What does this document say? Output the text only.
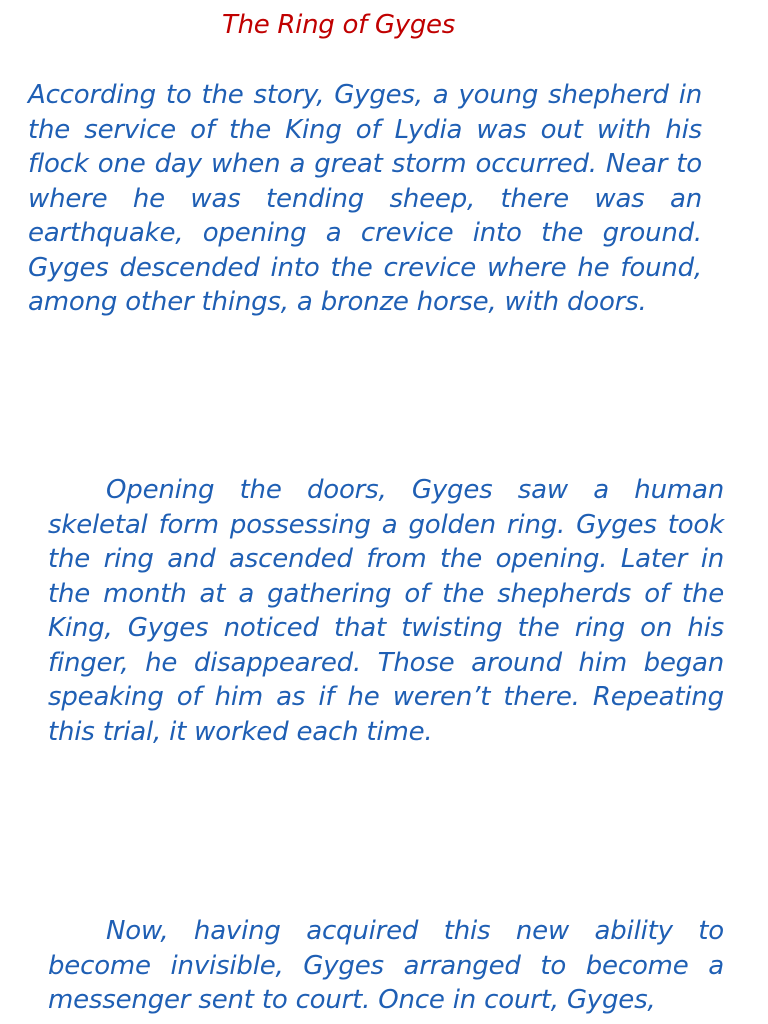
The Ring of Gyges

According to the story, Gyges, a young shepherd in the service of the King of Lydia was out with his flock one day when a great storm occurred. Near to where he was tending sheep, there was an earthquake, opening a crevice into the ground. Gyges descended into the crevice where he found, among other things, a bronze horse, with doors.

Opening the doors, Gyges saw a human skeletal form possessing a golden ring. Gyges took the ring and ascended from the opening. Later in the month at a gathering of the shepherds of the King, Gyges noticed that twisting the ring on his finger, he disappeared. Those around him began speaking of him as if he weren’t there. Repeating this trial, it worked each time.

Now, having acquired this new ability to become invisible, Gyges arranged to become a messenger sent to court. Once in court, Gyges,
